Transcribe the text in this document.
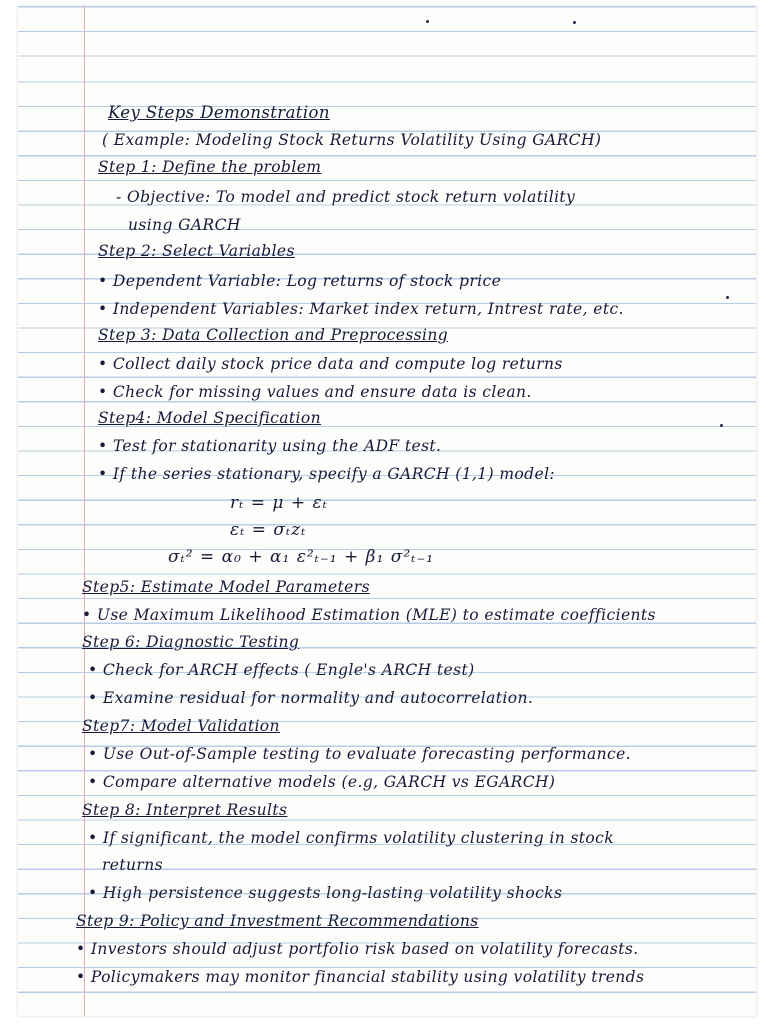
Key Steps Demonstration
( Example: Modeling Stock Returns Volatility Using GARCH)
Step 1: Define the problem
- Objective: To model and predict stock return volatility
using GARCH
Step 2: Select Variables
• Dependent Variable: Log returns of stock price
• Independent Variables: Market index return, Intrest rate, etc.
Step 3: Data Collection and Preprocessing
• Collect daily stock price data and compute log returns
• Check for missing values and ensure data is clean.
Step4: Model Specification
• Test for stationarity using the ADF test.
• If the series stationary, specify a GARCH (1,1) model:
rₜ = μ + εₜ
εₜ = σₜzₜ
σₜ² = α₀ + α₁ ε²ₜ₋₁ + β₁ σ²ₜ₋₁
Step5: Estimate Model Parameters
• Use Maximum Likelihood Estimation (MLE) to estimate coefficients
Step 6: Diagnostic Testing
• Check for ARCH effects ( Engle's ARCH test)
• Examine residual for normality and autocorrelation.
Step7: Model Validation
• Use Out-of-Sample testing to evaluate forecasting performance.
• Compare alternative models (e.g, GARCH vs EGARCH)
Step 8: Interpret Results
• If significant, the model confirms volatility clustering in stock
returns
• High persistence suggests long-lasting volatility shocks
Step 9: Policy and Investment Recommendations
• Investors should adjust portfolio risk based on volatility forecasts.
• Policymakers may monitor financial stability using volatility trends
